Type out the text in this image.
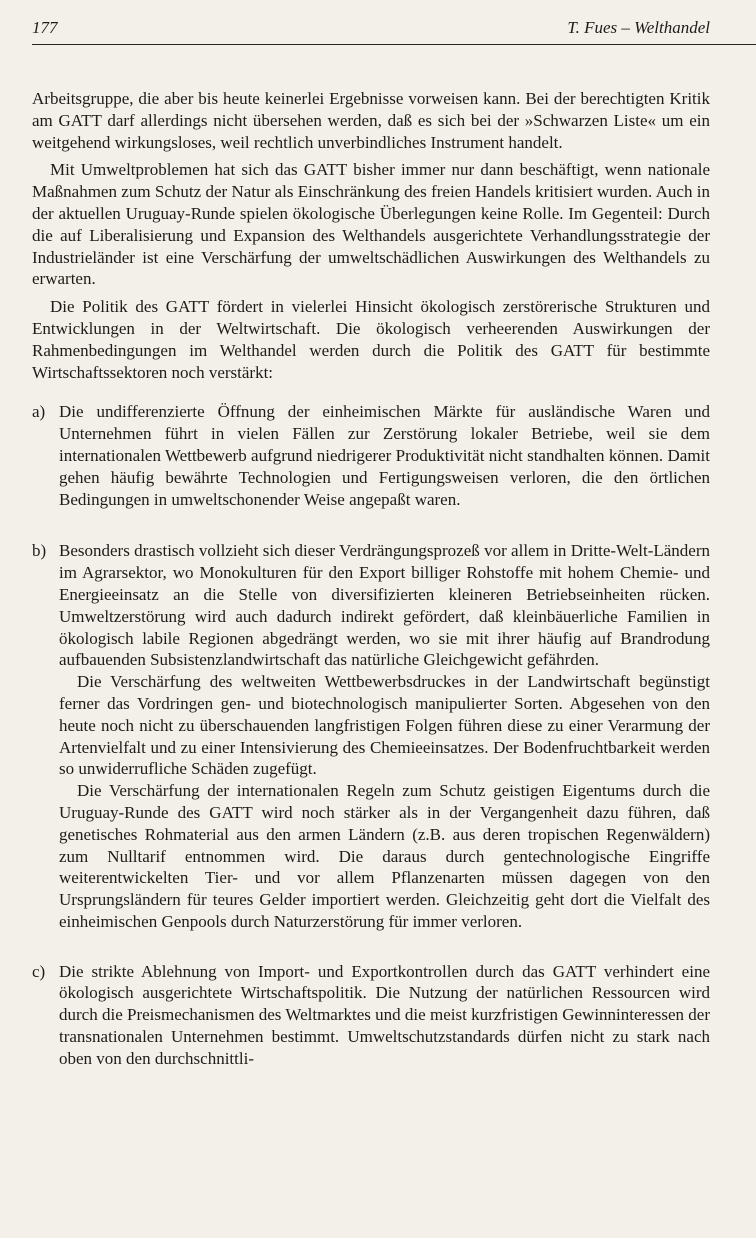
177	T. Fues – Welthandel

Arbeitsgruppe, die aber bis heute keinerlei Ergebnisse vorweisen kann. Bei der berechtigten Kritik am GATT darf allerdings nicht übersehen werden, daß es sich bei der »Schwarzen Liste« um ein weitgehend wirkungsloses, weil rechtlich unverbindliches Instrument handelt.

Mit Umweltproblemen hat sich das GATT bisher immer nur dann beschäftigt, wenn nationale Maßnahmen zum Schutz der Natur als Einschränkung des freien Handels kritisiert wurden. Auch in der aktuellen Uruguay-Runde spielen ökologische Überlegungen keine Rolle. Im Gegenteil: Durch die auf Liberalisierung und Expansion des Welthandels ausgerichtete Verhandlungsstrategie der Industrieländer ist eine Verschärfung der umweltschädlichen Auswirkungen des Welthandels zu erwarten.

Die Politik des GATT fördert in vielerlei Hinsicht ökologisch zerstörerische Strukturen und Entwicklungen in der Weltwirtschaft. Die ökologisch verheerenden Auswirkungen der Rahmenbedingungen im Welthandel werden durch die Politik des GATT für bestimmte Wirtschaftssektoren noch verstärkt:

a) Die undifferenzierte Öffnung der einheimischen Märkte für ausländische Waren und Unternehmen führt in vielen Fällen zur Zerstörung lokaler Betriebe, weil sie dem internationalen Wettbewerb aufgrund niedrigerer Produktivität nicht standhalten können. Damit gehen häufig bewährte Technologien und Fertigungsweisen verloren, die den örtlichen Bedingungen in umweltschonender Weise angepaßt waren.

b) Besonders drastisch vollzieht sich dieser Verdrängungsprozeß vor allem in Dritte-Welt-Ländern im Agrarsektor, wo Monokulturen für den Export billiger Rohstoffe mit hohem Chemie- und Energieeinsatz an die Stelle von diversifizierten kleineren Betriebseinheiten rücken. Umweltzerstörung wird auch dadurch indirekt gefördert, daß kleinbäuerliche Familien in ökologisch labile Regionen abgedrängt werden, wo sie mit ihrer häufig auf Brandrodung aufbauenden Subsistenzlandwirtschaft das natürliche Gleichgewicht gefährden.

Die Verschärfung des weltweiten Wettbewerbsdruckes in der Landwirtschaft begünstigt ferner das Vordringen gen- und biotechnologisch manipulierter Sorten. Abgesehen von den heute noch nicht zu überschauenden langfristigen Folgen führen diese zu einer Verarmung der Artenvielfalt und zu einer Intensivierung des Chemieeinsatzes. Der Bodenfruchtbarkeit werden so unwiderrufliche Schäden zugefügt.

Die Verschärfung der internationalen Regeln zum Schutz geistigen Eigentums durch die Uruguay-Runde des GATT wird noch stärker als in der Vergangenheit dazu führen, daß genetisches Rohmaterial aus den armen Ländern (z.B. aus deren tropischen Regenwäldern) zum Nulltarif entnommen wird. Die daraus durch gentechnologische Eingriffe weiterentwickelten Tier- und vor allem Pflanzenarten müssen dagegen von den Ursprungsländern für teures Gelder importiert werden. Gleichzeitig geht dort die Vielfalt des einheimischen Genpools durch Naturzerstörung für immer verloren.

c) Die strikte Ablehnung von Import- und Exportkontrollen durch das GATT verhindert eine ökologisch ausgerichtete Wirtschaftspolitik. Die Nutzung der natürlichen Ressourcen wird durch die Preismechanismen des Weltmarktes und die meist kurzfristigen Gewinninteressen der transnationalen Unternehmen bestimmt. Umweltschutzstandards dürfen nicht zu stark nach oben von den durchschnittli-
